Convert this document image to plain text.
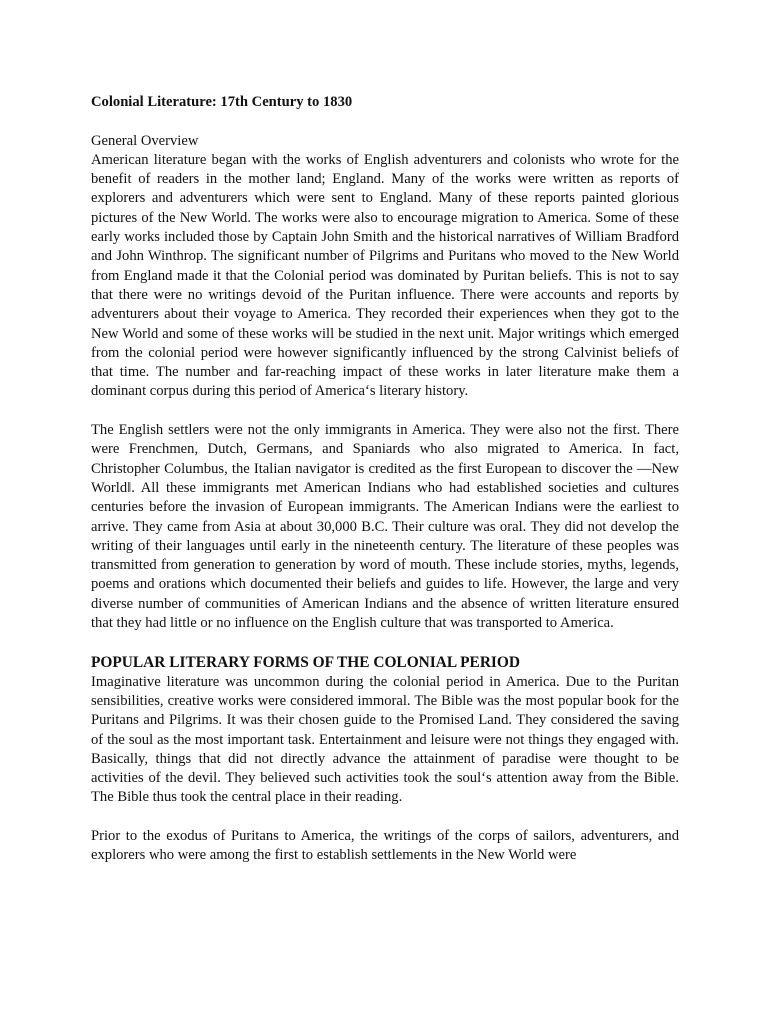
Colonial Literature: 17th Century to 1830
General Overview

American literature began with the works of English adventurers and colonists who wrote for the benefit of readers in the mother land; England. Many of the works were written as reports of explorers and adventurers which were sent to England. Many of these reports painted glorious pictures of the New World. The works were also to encourage migration to America. Some of these early works included those by Captain John Smith and the historical narratives of William Bradford and John Winthrop. The significant number of Pilgrims and Puritans who moved to the New World from England made it that the Colonial period was dominated by Puritan beliefs. This is not to say that there were no writings devoid of the Puritan influence. There were accounts and reports by adventurers about their voyage to America. They recorded their experiences when they got to the New World and some of these works will be studied in the next unit. Major writings which emerged from the colonial period were however significantly influenced by the strong Calvinist beliefs of that time. The number and far-reaching impact of these works in later literature make them a dominant corpus during this period of America‘s literary history.

The English settlers were not the only immigrants in America. They were also not the first. There were Frenchmen, Dutch, Germans, and Spaniards who also migrated to America. In fact, Christopher Columbus, the Italian navigator is credited as the first European to discover the ―New World‖. All these immigrants met American Indians who had established societies and cultures centuries before the invasion of European immigrants. The American Indians were the earliest to arrive. They came from Asia at about 30,000 B.C. Their culture was oral. They did not develop the writing of their languages until early in the nineteenth century. The literature of these peoples was transmitted from generation to generation by word of mouth. These include stories, myths, legends, poems and orations which documented their beliefs and guides to life. However, the large and very diverse number of communities of American Indians and the absence of written literature ensured that they had little or no influence on the English culture that was transported to America.

POPULAR LITERARY FORMS OF THE COLONIAL PERIOD

Imaginative literature was uncommon during the colonial period in America. Due to the Puritan sensibilities, creative works were considered immoral. The Bible was the most popular book for the Puritans and Pilgrims. It was their chosen guide to the Promised Land. They considered the saving of the soul as the most important task. Entertainment and leisure were not things they engaged with. Basically, things that did not directly advance the attainment of paradise were thought to be activities of the devil. They believed such activities took the soul‘s attention away from the Bible. The Bible thus took the central place in their reading.

Prior to the exodus of Puritans to America, the writings of the corps of sailors, adventurers, and explorers who were among the first to establish settlements in the New World were
